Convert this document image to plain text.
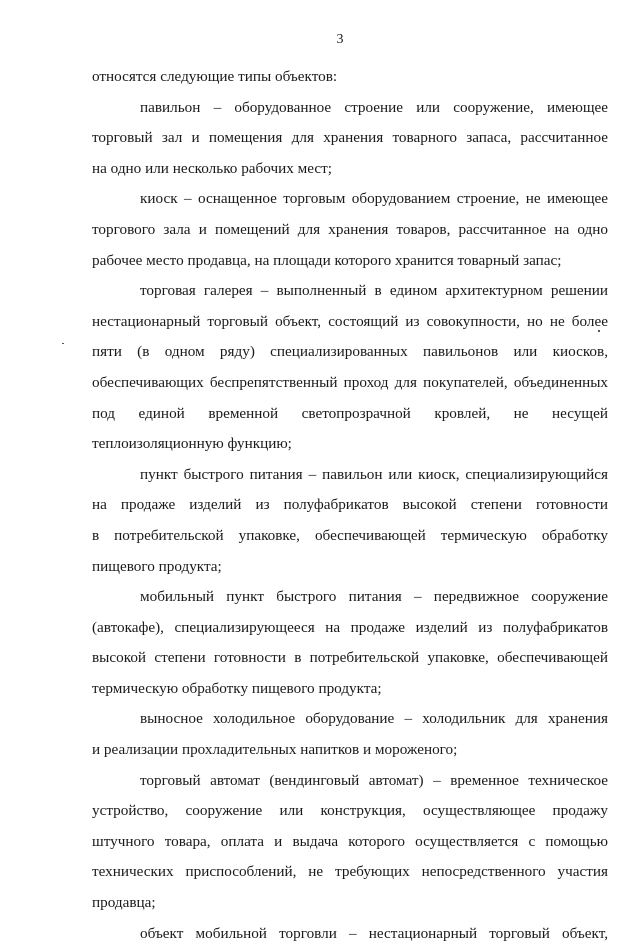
3
относятся следующие типы объектов:
павильон – оборудованное строение или сооружение, имеющее
торговый зал и помещения для хранения товарного запаса, рассчитанное
на одно или несколько рабочих мест;
киоск – оснащенное торговым оборудованием строение, не имеющее
торгового зала и помещений для хранения товаров, рассчитанное на одно
рабочее место продавца, на площади которого хранится товарный запас;
торговая галерея – выполненный в едином архитектурном решении
нестационарный торговый объект, состоящий из совокупности, но не более
пяти (в одном ряду) специализированных павильонов или киосков,
обеспечивающих беспрепятственный проход для покупателей, объединенных
под единой временной светопрозрачной кровлей, не несущей
теплоизоляционную функцию;
пункт быстрого питания – павильон или киоск, специализирующийся
на продаже изделий из полуфабрикатов высокой степени готовности
в потребительской упаковке, обеспечивающей термическую обработку
пищевого продукта;
мобильный пункт быстрого питания – передвижное сооружение
(автокафе), специализирующееся на продаже изделий из полуфабрикатов
высокой степени готовности в потребительской упаковке, обеспечивающей
термическую обработку пищевого продукта;
выносное холодильное оборудование – холодильник для хранения
и реализации прохладительных напитков и мороженого;
торговый автомат (вендинговый автомат) – временное техническое
устройство, сооружение или конструкция, осуществляющее продажу
штучного товара, оплата и выдача которого осуществляется с помощью
технических приспособлений, не требующих непосредственного участия
продавца;
объект мобильной торговли – нестационарный торговый объект,
